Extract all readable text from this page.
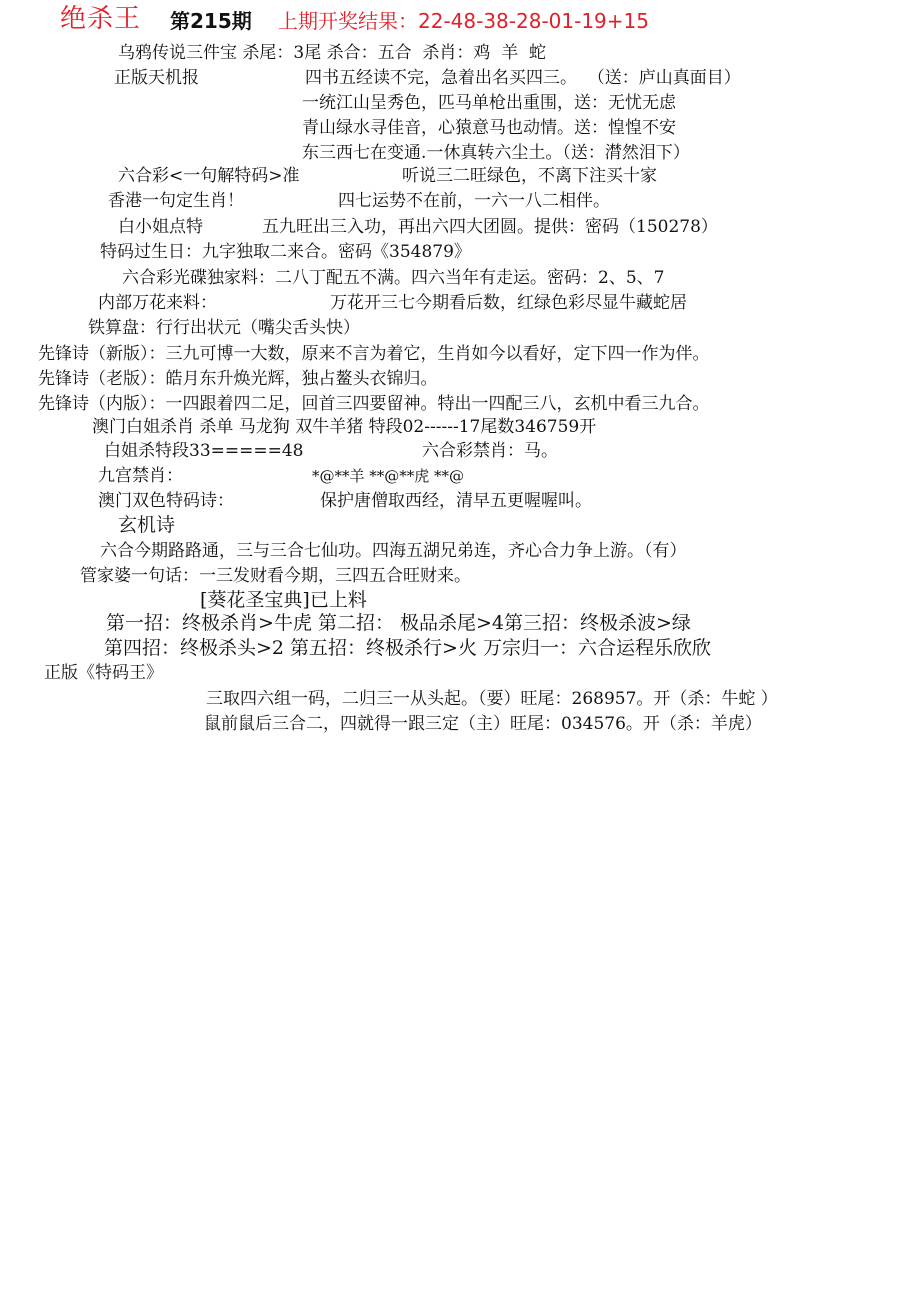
绝杀王 第215期 上期开奖结果：22-48-38-28-01-19+15
乌鸦传说三件宝 杀尾：3尾 杀合：五合  杀肖：鸡  羊  蛇
正版天机报	四书五经读不完，急着出名买四三。  （送：庐山真面目）
一统江山呈秀色，匹马单枪出重围，送：无忧无虑
青山绿水寻佳音，心猿意马也动情。送：惶惶不安
东三西七在变通.一休真转六尘土。（送：潸然泪下）
六合彩<一句解特码>准	听说三二旺绿色，不离下注买十家
香港一句定生肖！	四七运势不在前，一六一八二相伴。
白小姐点特	五九旺出三入功，再出六四大团圆。提供：密码（150278）
特码过生日：九字独取二来合。密码《354879》
六合彩光碟独家料：二八丁配五不满。四六当年有走运。密码：2、5、7
内部万花来料：	万花开三七今期看后数，红绿色彩尽显牛藏蛇居
铁算盘：行行出状元（嘴尖舌头快）
先锋诗（新版）：三九可博一大数，原来不言为着它，生肖如今以看好，定下四一作为伴。
先锋诗（老版）：皓月东升焕光辉，独占鳌头衣锦归。
先锋诗（内版）：一四跟着四二足，回首三四要留神。特出一四配三八，玄机中看三九合。
澳门白姐杀肖 杀单 马龙狗 双牛羊猪 特段02------17尾数346759开
白姐杀特段33=====48	六合彩禁肖：马。
九宫禁肖：	*@**羊 **@**虎 **@
澳门双色特码诗：	保护唐僧取西经，清早五更喔喔叫。
玄机诗
六合今期路路通，三与三合七仙功。四海五湖兄弟连，齐心合力争上游。（有）
管家婆一句话：一三发财看今期，三四五合旺财来。
[葵花圣宝典]已上料
第一招：终极杀肖>牛虎 第二招： 极品杀尾>4第三招：终极杀波>绿
第四招：终极杀头>2 第五招：终极杀行>火 万宗归一：六合运程乐欣欣
正版《特码王》
三取四六组一码，二归三一从头起。（要）旺尾：268957。开（杀：牛蛇 ）
鼠前鼠后三合二，四就得一跟三定（主）旺尾：034576。开（杀：羊虎）
